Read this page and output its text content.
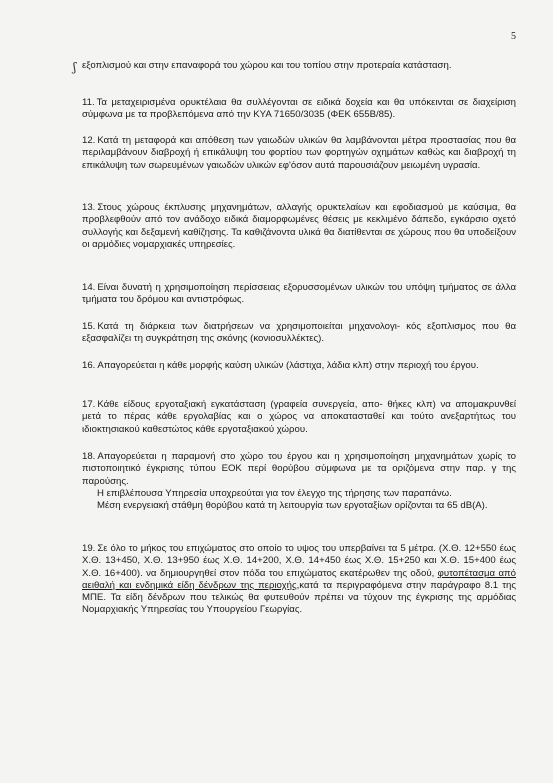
5
ʃ εξοπλισμού και στην επαναφορά του χώρου και του τοπίου στην προτεραία κατάσταση.

11. Τα μεταχειρισμένα ορυκτέλαια θα συλλέγονται σε ειδικά δοχεία και θα υπόκεινται σε διαχείριση σύμφωνα με τα προβλεπόμενα από την ΚΥΑ 71650/3035 (ΦΕΚ 655Β/85).

12. Κατά τη μεταφορά και απόθεση των γαιωδών υλικών θα λαμβάνονται μέτρα προστασίας που θα περιλαμβάνουν διαβροχή ή επικάλυψη του φορτίου των φορτηγών οχημάτων καθώς και διαβροχή τη επικάλυψη των σωρευμένων γαιωδών υλικών εφ'όσον αυτά παρουσιάζουν μειωμένη υγρασία.

13. Στους χώρους έκπλυσης μηχανημάτων, αλλαγής ορυκτελαίων και εφοδιασμού με καύσιμα, θα προβλεφθούν από τον ανάδοχο ειδικά διαμορφωμένες θέσεις με κεκλιμένο δάπεδο, εγκάρσιο οχετό συλλογής και δεξαμενή καθίζησης. Τα καθιζάνοντα υλικά θα διατίθενται σε χώρους που θα υποδείξουν οι αρμόδιες νομαρχιακές υπηρεσίες.

14. Είναι δυνατή η χρησιμοποίηση περίσσειας εξορυσσομένων υλικών του υπόψη τμήματος σε άλλα τμήματα του δρόμου και αντιστρόφως.

15. Κατά τη διάρκεια των διατρήσεων να χρησιμοποιείται μηχανολογι- κός εξοπλισμος που θα εξασφαλίζει τη συγκράτηση της σκόνης (κονιοσυλλέκτες).

16. Απαγορεύεται η κάθε μορφής καύση υλικών (λάστιχα, λάδια κλπ) στην περιοχή του έργου.

17. Κάθε είδους εργοταξιακή εγκατάσταση (γραφεία συνεργεία, απο- θήκες κλπ) να απομακρυνθεί μετά το πέρας κάθε εργολαβίας και ο χώρος να αποκατασταθεί και τούτο ανεξαρτήτως του ιδιοκτησιακού καθεστώτος κάθε εργοταξιακού χώρου.

18. Απαγορεύεται η παραμονή στο χώρο του έργου και η χρησιμοποίηση μηχανημάτων χωρίς το πιστοποιητικό έγκρισης τύπου ΕΟΚ περί θορύβου σύμφωνα με τα οριζόμενα στην παρ. γ της παρούσης.

Η επιβλέπουσα Υπηρεσία υποχρεούται για τον έλεγχο της τήρησης των παραπάνω.

Μέση ενεργειακή στάθμη θορύβου κατά τη λειτουργία των εργοταξίων ορίζονται τα 65 dB(A).

19. Σε όλο το μήκος του επιχώματος στο οποίο το υψος του υπερβαίνει τα 5 μέτρα. (Χ.Θ. 12+550 έως Χ.Θ. 13+450, Χ.Θ. 13+950 έως Χ.Θ. 14+200, Χ.Θ. 14+450 έως Χ.Θ. 15+250 και Χ.Θ. 15+400 έως Χ.Θ. 16+400). να δημιουργηθεί στον πόδα του επιχώματος εκατέρωθεν της οδού, φυτοπέτασμα από αειθαλή και ενδημικά είδη δένδρων της περιοχής,κατά τα περιγραφόμενα στην παράγραφο 8.1 της ΜΠΕ. Τα είδη δένδρων που τελικώς θα φυτευθούν πρέπει να τύχουν της έγκρισης της αρμόδιας Νομαρχιακής Υπηρεσίας του Υπουργείου Γεωργίας.
